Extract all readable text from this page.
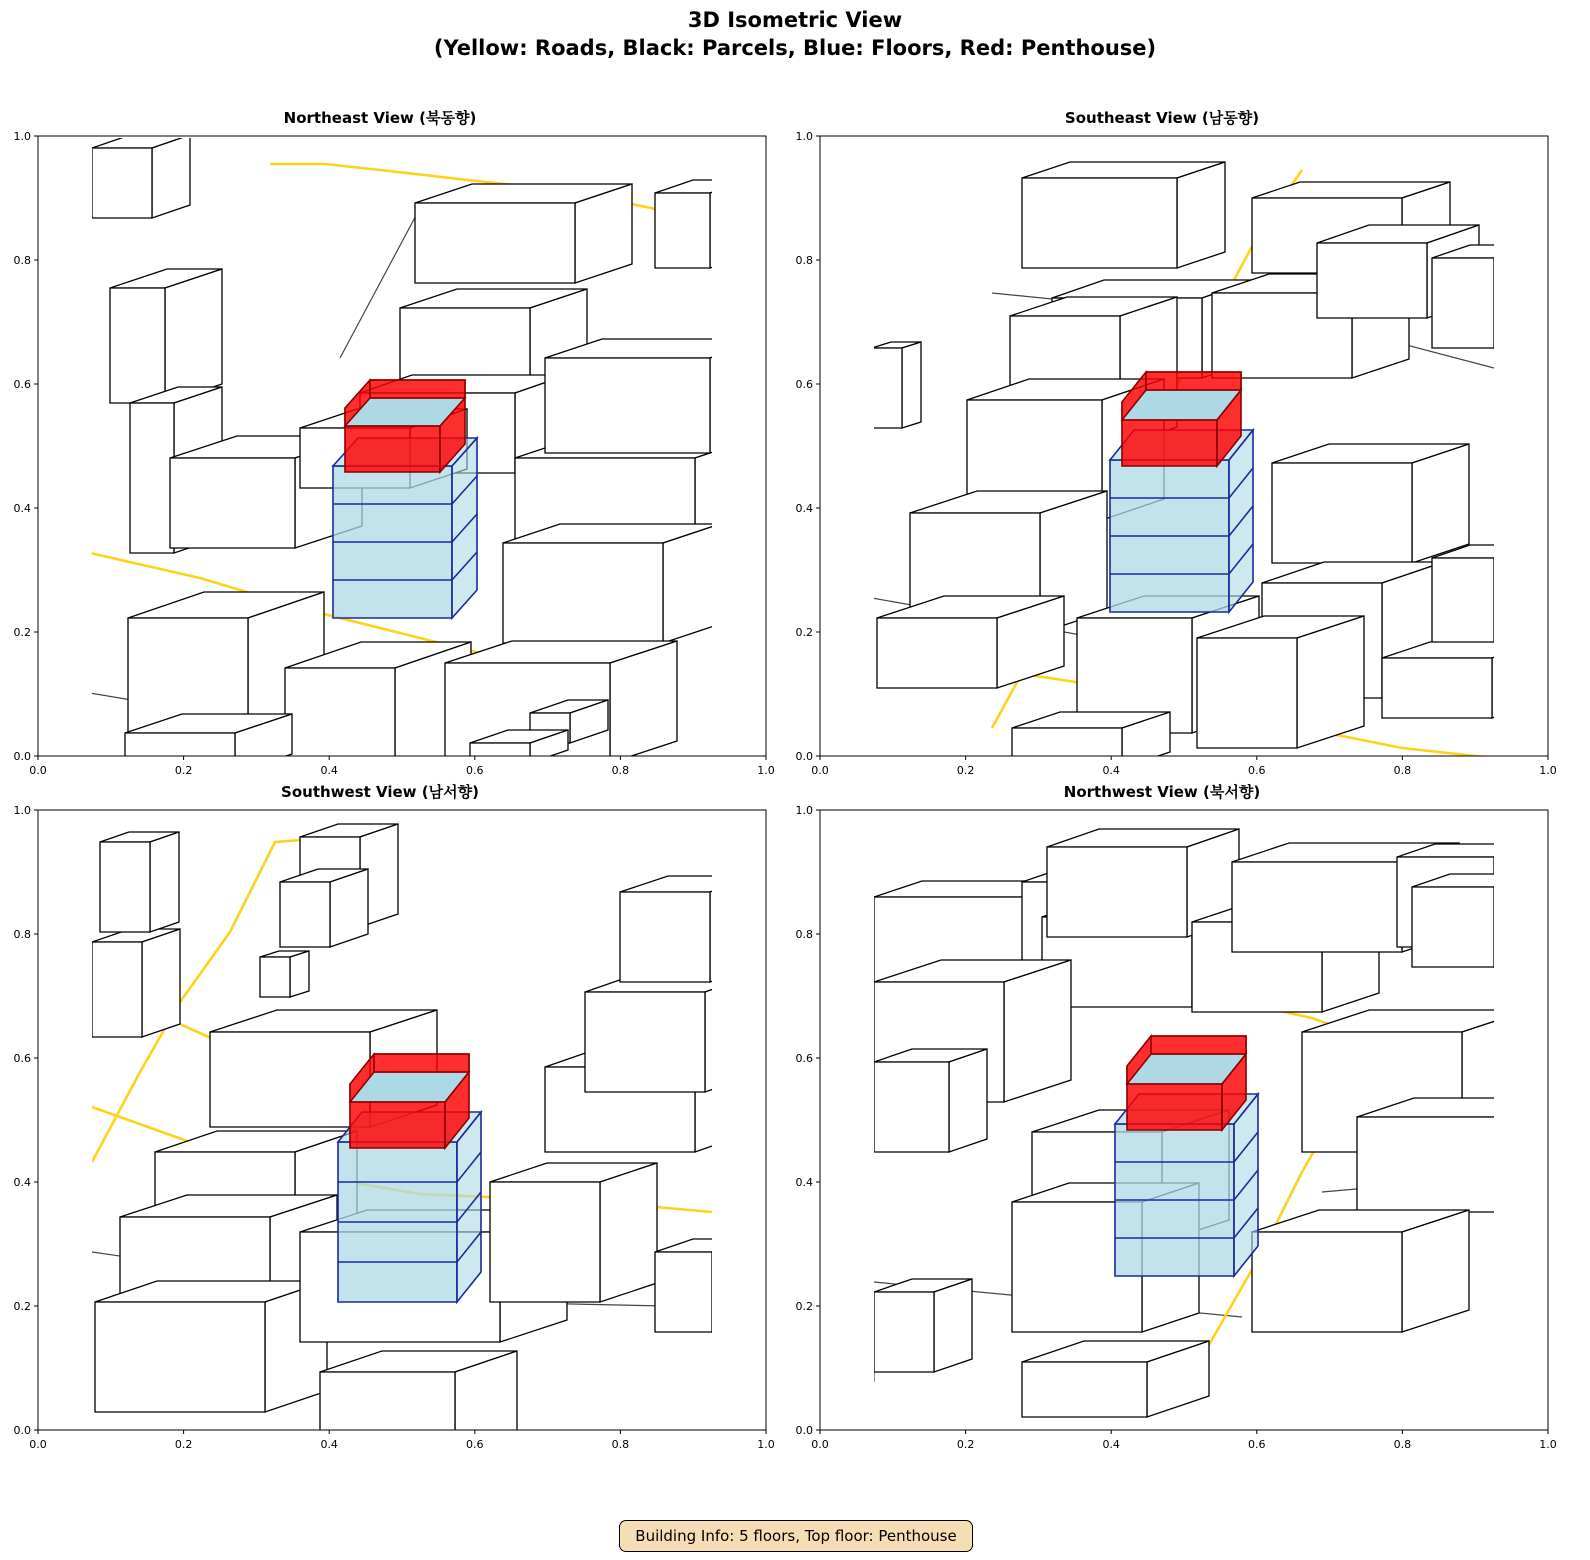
3D Isometric View
(Yellow: Roads, Black: Parcels, Blue: Floors, Red: Penthouse)
Northeast View (북동향)
0.0	0.2	0.4	0.6	0.8	1.0
0.0
0.2
0.4
0.6
0.8
1.0
Southeast View (남동향)
0.0	0.2	0.4	0.6	0.8	1.0
0.0
0.2
0.4
0.6
0.8
1.0
Southwest View (남서향)
0.0	0.2	0.4	0.6	0.8	1.0
0.0
0.2
0.4
0.6
0.8
1.0
Northwest View (북서향)
0.0	0.2	0.4	0.6	0.8	1.0
0.0
0.2
0.4
0.6
0.8
1.0
Building Info: 5 floors, Top floor: Penthouse
